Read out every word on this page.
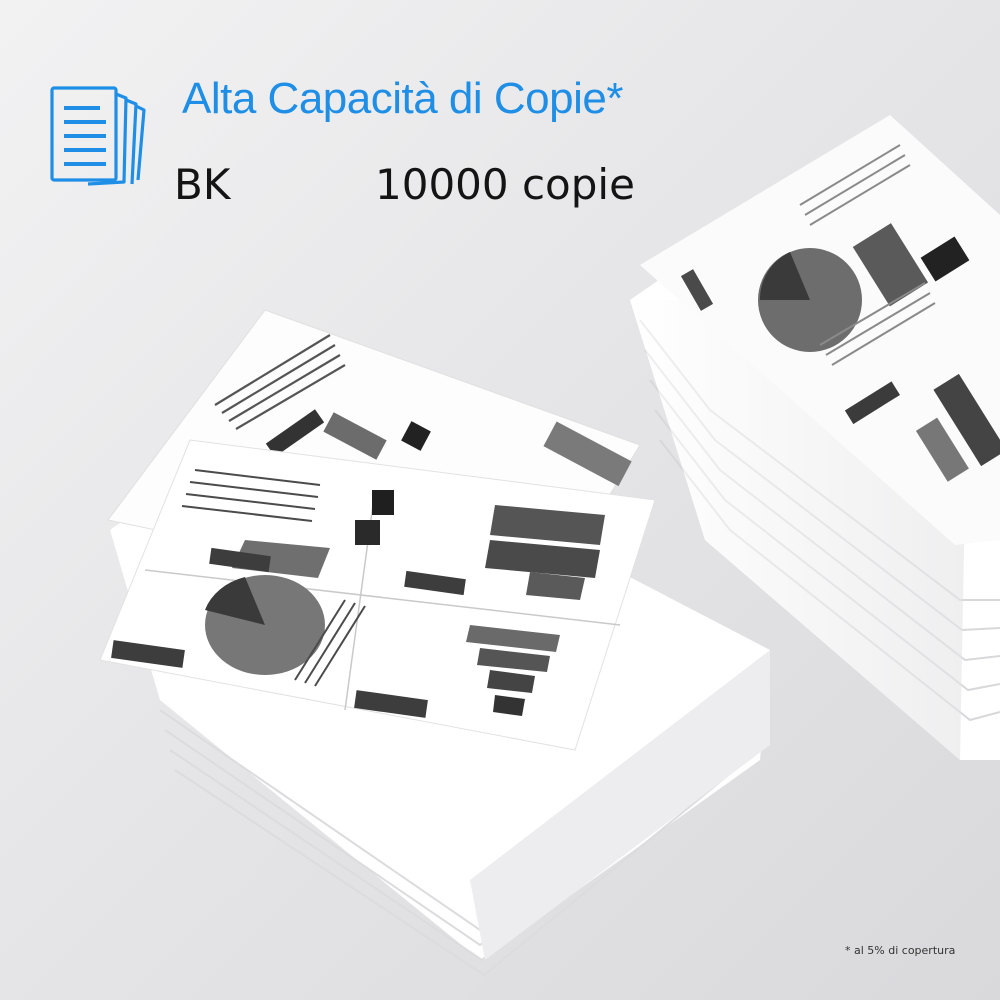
Alta Capacità di Copie*
BK	10000 copie
* al 5% di copertura
